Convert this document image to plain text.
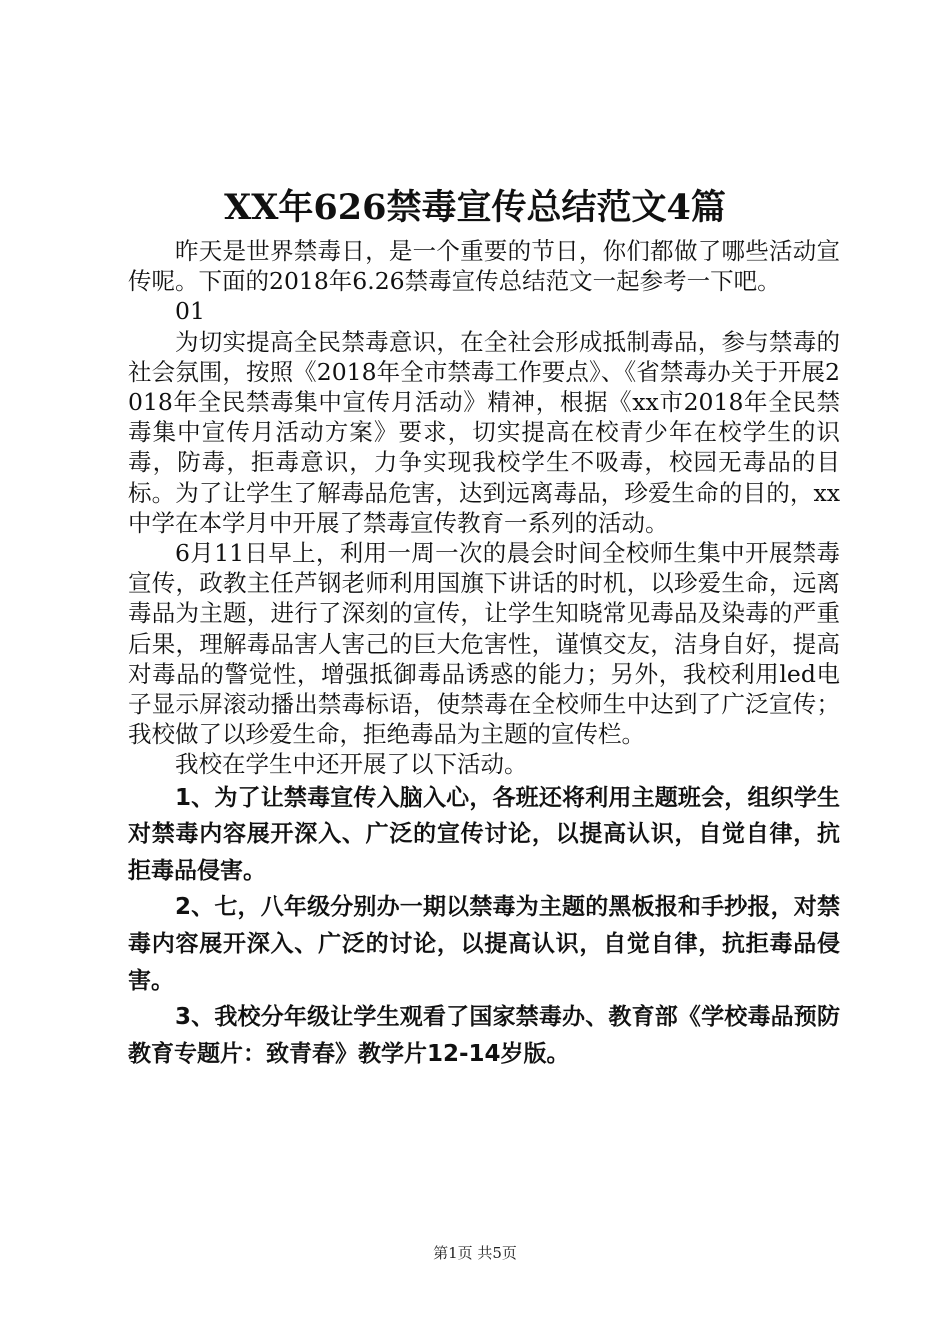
XX年626禁毒宣传总结范文4篇

昨天是世界禁毒日，是一个重要的节日，你们都做了哪些活动宣传呢。下面的2018年6.26禁毒宣传总结范文一起参考一下吧。

01

为切实提高全民禁毒意识，在全社会形成抵制毒品，参与禁毒的社会氛围，按照《2018年全市禁毒工作要点》、《省禁毒办关于开展2018年全民禁毒集中宣传月活动》精神，根据《xx市2018年全民禁毒集中宣传月活动方案》要求，切实提高在校青少年在校学生的识毒，防毒，拒毒意识，力争实现我校学生不吸毒，校园无毒品的目标。为了让学生了解毒品危害，达到远离毒品，珍爱生命的目的，xx中学在本学月中开展了禁毒宣传教育一系列的活动。

6月11日早上，利用一周一次的晨会时间全校师生集中开展禁毒宣传，政教主任芦钢老师利用国旗下讲话的时机，以珍爱生命，远离毒品为主题，进行了深刻的宣传，让学生知晓常见毒品及染毒的严重后果，理解毒品害人害己的巨大危害性，谨慎交友，洁身自好，提高对毒品的警觉性，增强抵御毒品诱惑的能力；另外，我校利用led电子显示屏滚动播出禁毒标语，使禁毒在全校师生中达到了广泛宣传；我校做了以珍爱生命，拒绝毒品为主题的宣传栏。

我校在学生中还开展了以下活动。

1、为了让禁毒宣传入脑入心，各班还将利用主题班会，组织学生对禁毒内容展开深入、广泛的宣传讨论，以提高认识，自觉自律，抗拒毒品侵害。

2、七，八年级分别办一期以禁毒为主题的黑板报和手抄报，对禁毒内容展开深入、广泛的讨论，以提高认识，自觉自律，抗拒毒品侵害。

3、我校分年级让学生观看了国家禁毒办、教育部《学校毒品预防教育专题片：致青春》教学片12-14岁版。

第1页 共5页
